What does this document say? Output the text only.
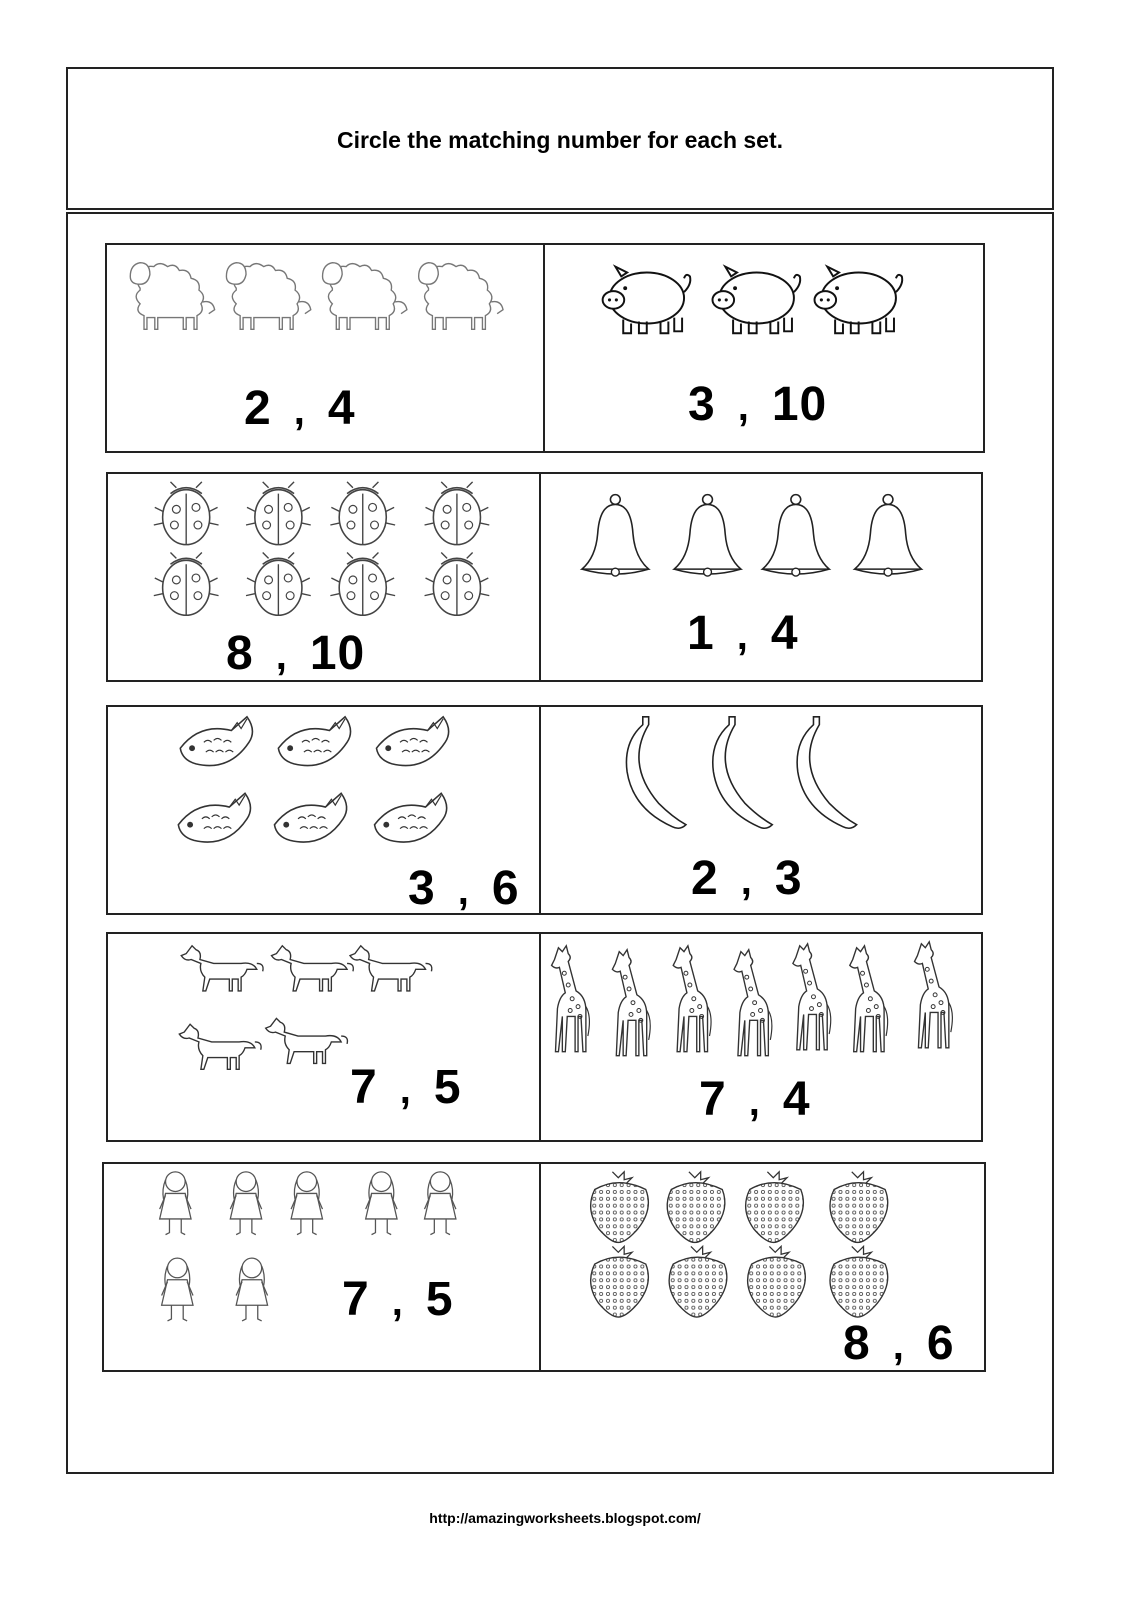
Circle the matching number for each set.
2 , 4	3 , 10
8 , 10	1 , 4
3 , 6	2 , 3
7 , 5	7 , 4
7 , 5
8 , 6
http://amazingworksheets.blogspot.com/
